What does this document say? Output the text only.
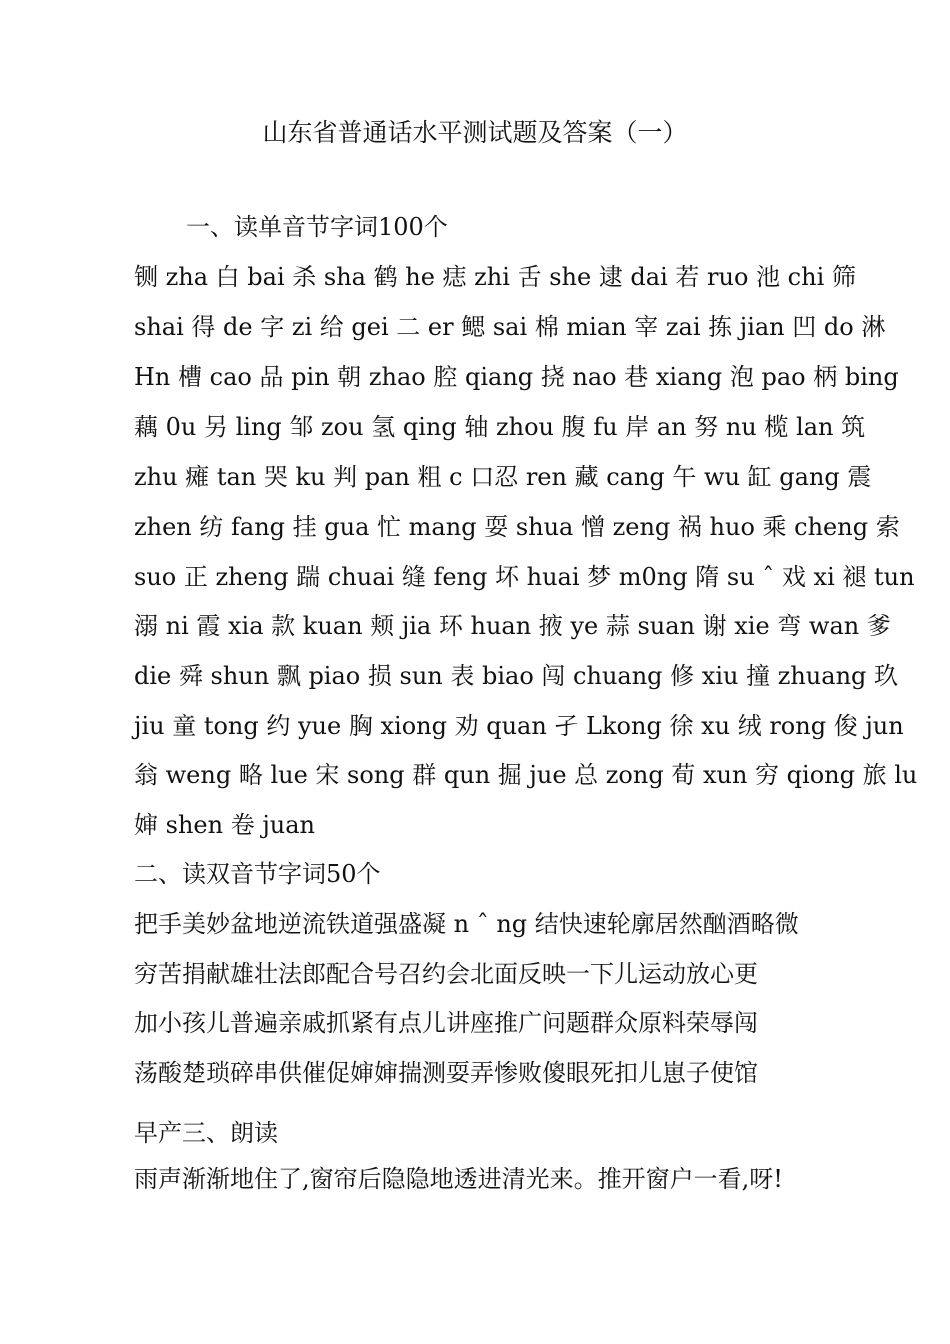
山东省普通话水平测试题及答案（一）
一、读单音节字词100个
铡 zha 白 bai 杀 sha 鹤 he 痣 zhi 舌 she 逮 dai 若 ruo 池 chi 筛
shai 得 de 字 zi 给 gei 二 er 鳃 sai 棉 mian 宰 zai 拣 jian 凹 do 淋
Hn 槽 cao 品 pin 朝 zhao 腔 qiang 挠 nao 巷 xiang 泡 pao 柄 bing
藕 0u 另 ling 邹 zou 氢 qing 轴 zhou 腹 fu 岸 an 努 nu 榄 lan 筑
zhu 瘫 tan 哭 ku 判 pan 粗 c 口忍 ren 藏 cang 午 wu 缸 gang 震
zhen 纺 fang 挂 gua 忙 mang 耍 shua 憎 zeng 祸 huo 乘 cheng 索
suo 正 zheng 踹 chuai 缝 feng 坏 huai 梦 m0ng 隋 su ˆ 戏 xi 褪 tun
溺 ni 霞 xia 款 kuan 颊 jia 环 huan 掖 ye 蒜 suan 谢 xie 弯 wan 爹
die 舜 shun 飘 piao 损 sun 表 biao 闯 chuang 修 xiu 撞 zhuang 玖
jiu 童 tong 约 yue 胸 xiong 劝 quan 孑 Lkong 徐 xu 绒 rong 俊 jun
翁 weng 略 lue 宋 song 群 qun 掘 jue 总 zong 荀 xun 穷 qiong 旅 lu
婶 shen 卷 juan
二、读双音节字词50个
把手美妙盆地逆流铁道强盛凝 n ˆ ng 结快速轮廓居然酗酒略微
穷苦捐献雄壮法郎配合号召约会北面反映一下儿运动放心更
加小孩儿普遍亲戚抓紧有点儿讲座推广问题群众原料荣辱闯
荡酸楚琐碎串供催促婶婶揣测耍弄惨败傻眼死扣儿崽子使馆
早产三、朗读
雨声渐渐地住了,窗帘后隐隐地透进清光来。推开窗户一看,呀!
